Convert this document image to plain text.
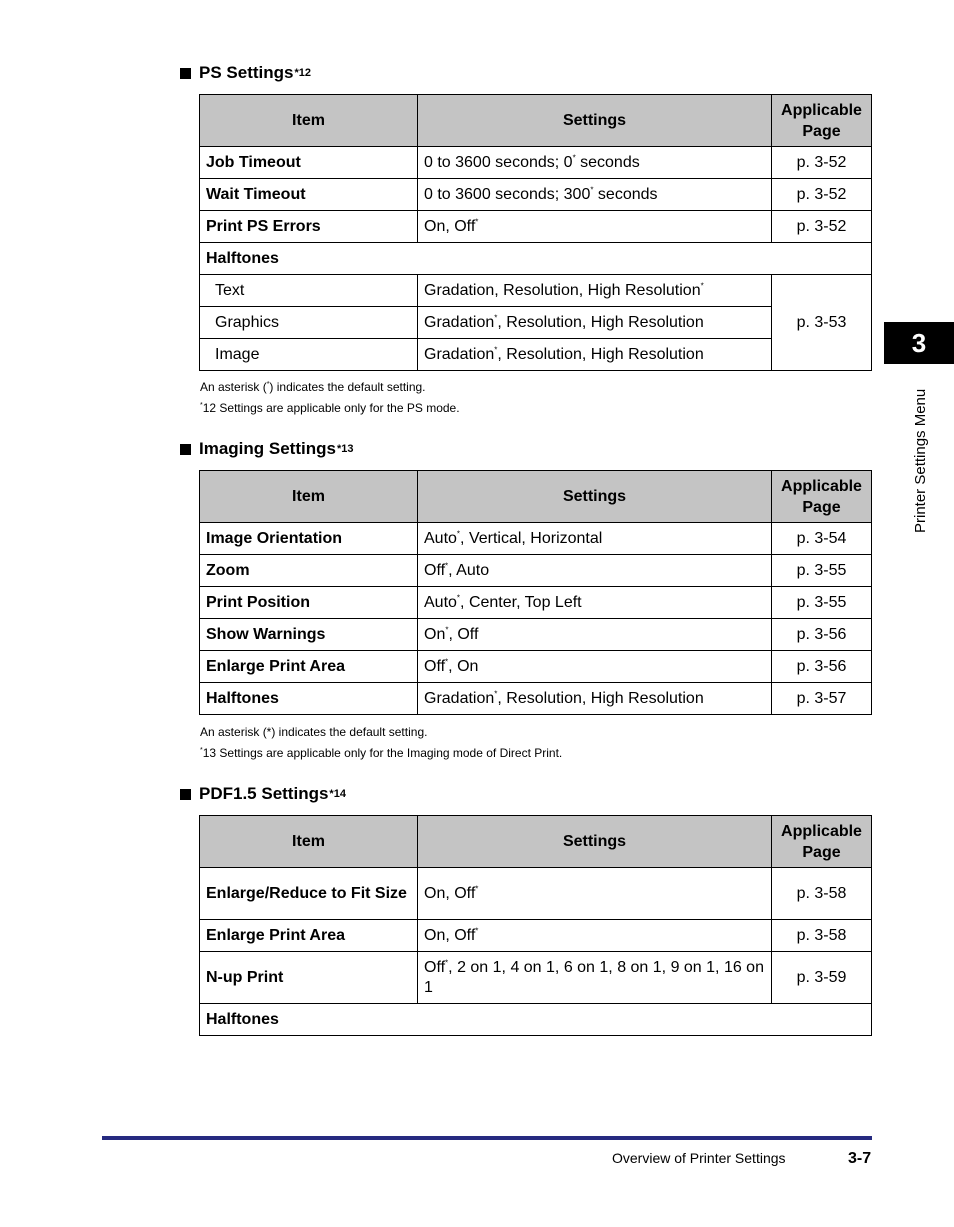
PS Settings *12
Item	Settings	Applicable
Page
Job Timeout	0 to 3600 seconds; 0* seconds	p. 3-52
Wait Timeout	0 to 3600 seconds; 300* seconds	p. 3-52
Print PS Errors	On, Off*	p. 3-52
Halftones		
Text	Gradation, Resolution, High Resolution*	p. 3-53
Graphics	Gradation*, Resolution, High Resolution	
Image	Gradation*, Resolution, High Resolution	
An asterisk (*) indicates the default setting.
*12 Settings are applicable only for the PS mode.
Imaging Settings *13
Item	Settings	Applicable
Page
Image Orientation	Auto*, Vertical, Horizontal	p. 3-54
Zoom	Off*, Auto	p. 3-55
Print Position	Auto*, Center, Top Left	p. 3-55
Show Warnings	On*, Off	p. 3-56
Enlarge Print Area	Off*, On	p. 3-56
Halftones	Gradation*, Resolution, High Resolution	p. 3-57
An asterisk (*) indicates the default setting.
*13 Settings are applicable only for the Imaging mode of Direct Print.
PDF1.5 Settings *14
Item	Settings	Applicable
Page
Enlarge/Reduce to Fit Size	On, Off*	p. 3-58
Enlarge Print Area	On, Off*	p. 3-58
N-up Print	Off*, 2 on 1, 4 on 1, 6 on 1, 8 on 1, 9 on 1, 16 on 1	p. 3-59
Halftones		
3
Printer Settings Menu
Overview of Printer Settings	3-7
